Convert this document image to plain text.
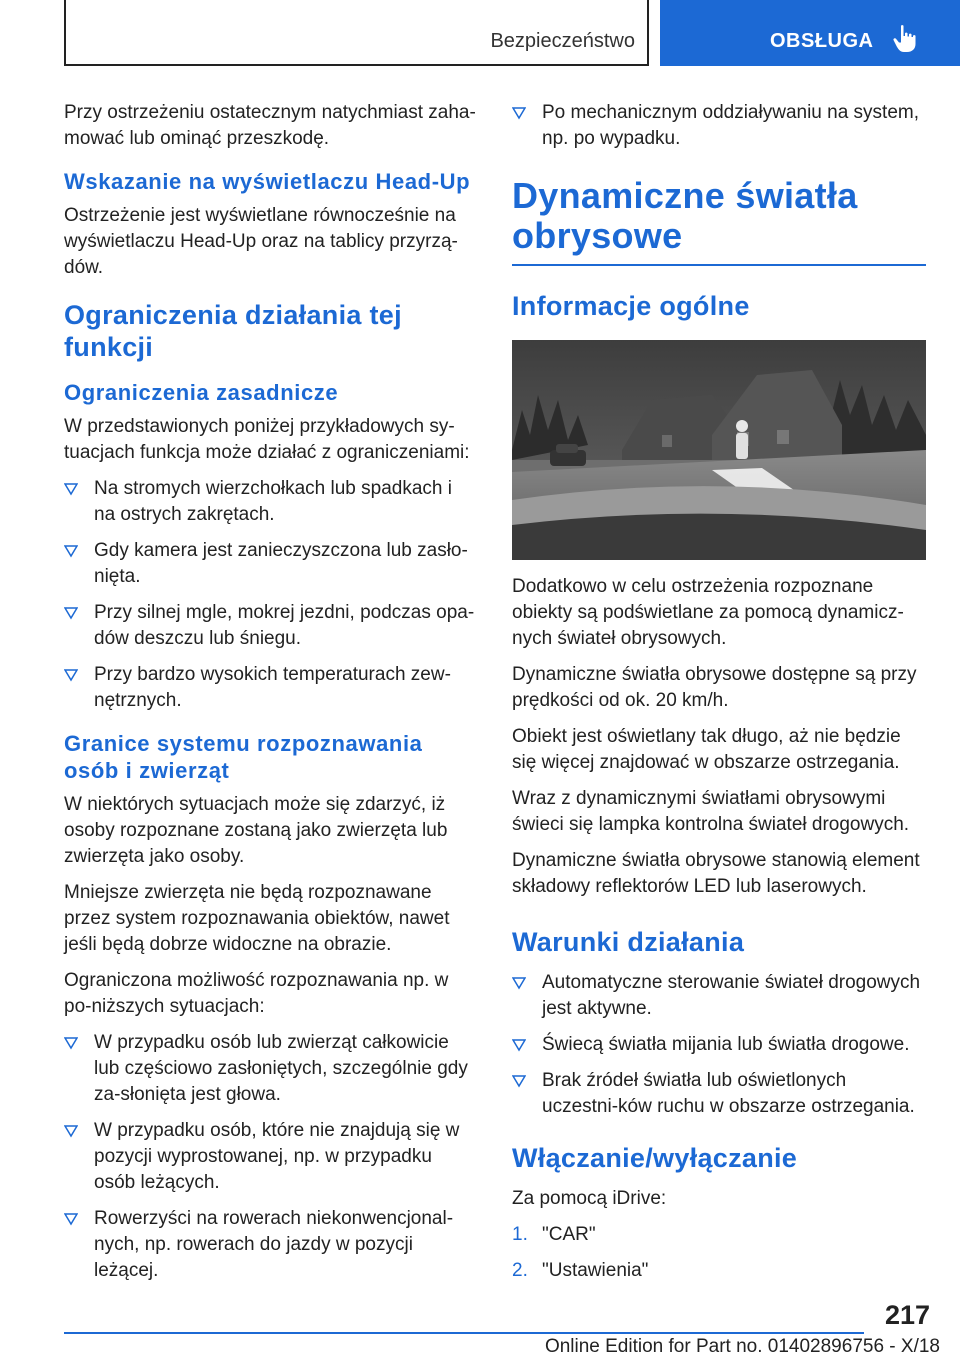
Bezpieczeństwo	OBSŁUGA

Przy ostrzeżeniu ostatecznym natychmiast zaha-mować lub ominąć przeszkodę.

Wskazanie na wyświetlaczu Head-Up

Ostrzeżenie jest wyświetlane równocześnie na wyświetlaczu Head-Up oraz na tablicy przyrzą-dów.

Ograniczenia działania tej funkcji
Ograniczenia zasadnicze

W przedstawionych poniżej przykładowych sy-tuacjach funkcja może działać z ograniczeniami:

Na stromych wierzchołkach lub spadkach i na ostrych zakrętach.
Gdy kamera jest zanieczyszczona lub zasło-nięta.
Przy silnej mgle, mokrej jezdni, podczas opa-dów deszczu lub śniegu.
Przy bardzo wysokich temperaturach zew-nętrznych.
Granice systemu rozpoznawania osób i zwierząt

W niektórych sytuacjach może się zdarzyć, iż osoby rozpoznane zostaną jako zwierzęta lub zwierzęta jako osoby.

Mniejsze zwierzęta nie będą rozpoznawane przez system rozpoznawania obiektów, nawet jeśli będą dobrze widoczne na obrazie.

Ograniczona możliwość rozpoznawania np. w po-niższych sytuacjach:

W przypadku osób lub zwierząt całkowicie lub częściowo zasłoniętych, szczególnie gdy za-słonięta jest głowa.
W przypadku osób, które nie znajdują się w pozycji wyprostowanej, np. w przypadku osób leżących.
Rowerzyści na rowerach niekonwencjonal-nych, np. rowerach do jazdy w pozycji leżącej.
Po mechanicznym oddziaływaniu na system, np. po wypadku.
Dynamiczne światła obrysowe
Informacje ogólne

Dodatkowo w celu ostrzeżenia rozpoznane obiekty są podświetlane za pomocą dynamicz-nych świateł obrysowych.

Dynamiczne światła obrysowe dostępne są przy prędkości od ok. 20 km/h.

Obiekt jest oświetlany tak długo, aż nie będzie się więcej znajdować w obszarze ostrzegania.

Wraz z dynamicznymi światłami obrysowymi świeci się lampka kontrolna świateł drogowych.

Dynamiczne światła obrysowe stanowią element składowy reflektorów LED lub laserowych.

Warunki działania
Automatyczne sterowanie świateł drogowych jest aktywne.
Świecą światła mijania lub światła drogowe.
Brak źródeł światła lub oświetlonych uczestni-ków ruchu w obszarze ostrzegania.
Włączanie/wyłączanie

Za pomocą iDrive:

1. "CAR"
2. "Ustawienia"
217
Online Edition for Part no. 01402896756 - X/18
